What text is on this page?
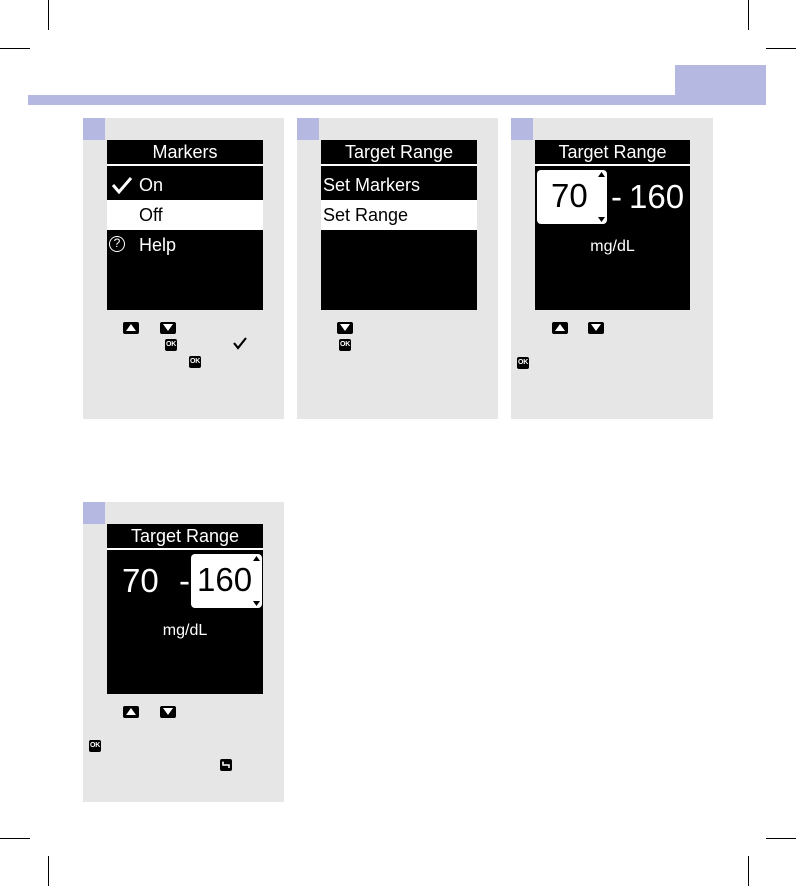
Markers
On
Off
? Help
OK
OK
Target Range
Set Markers
Set Range
OK
Target Range
70 - 160
mg/dL
OK
Target Range
70 - 160
mg/dL
OK
